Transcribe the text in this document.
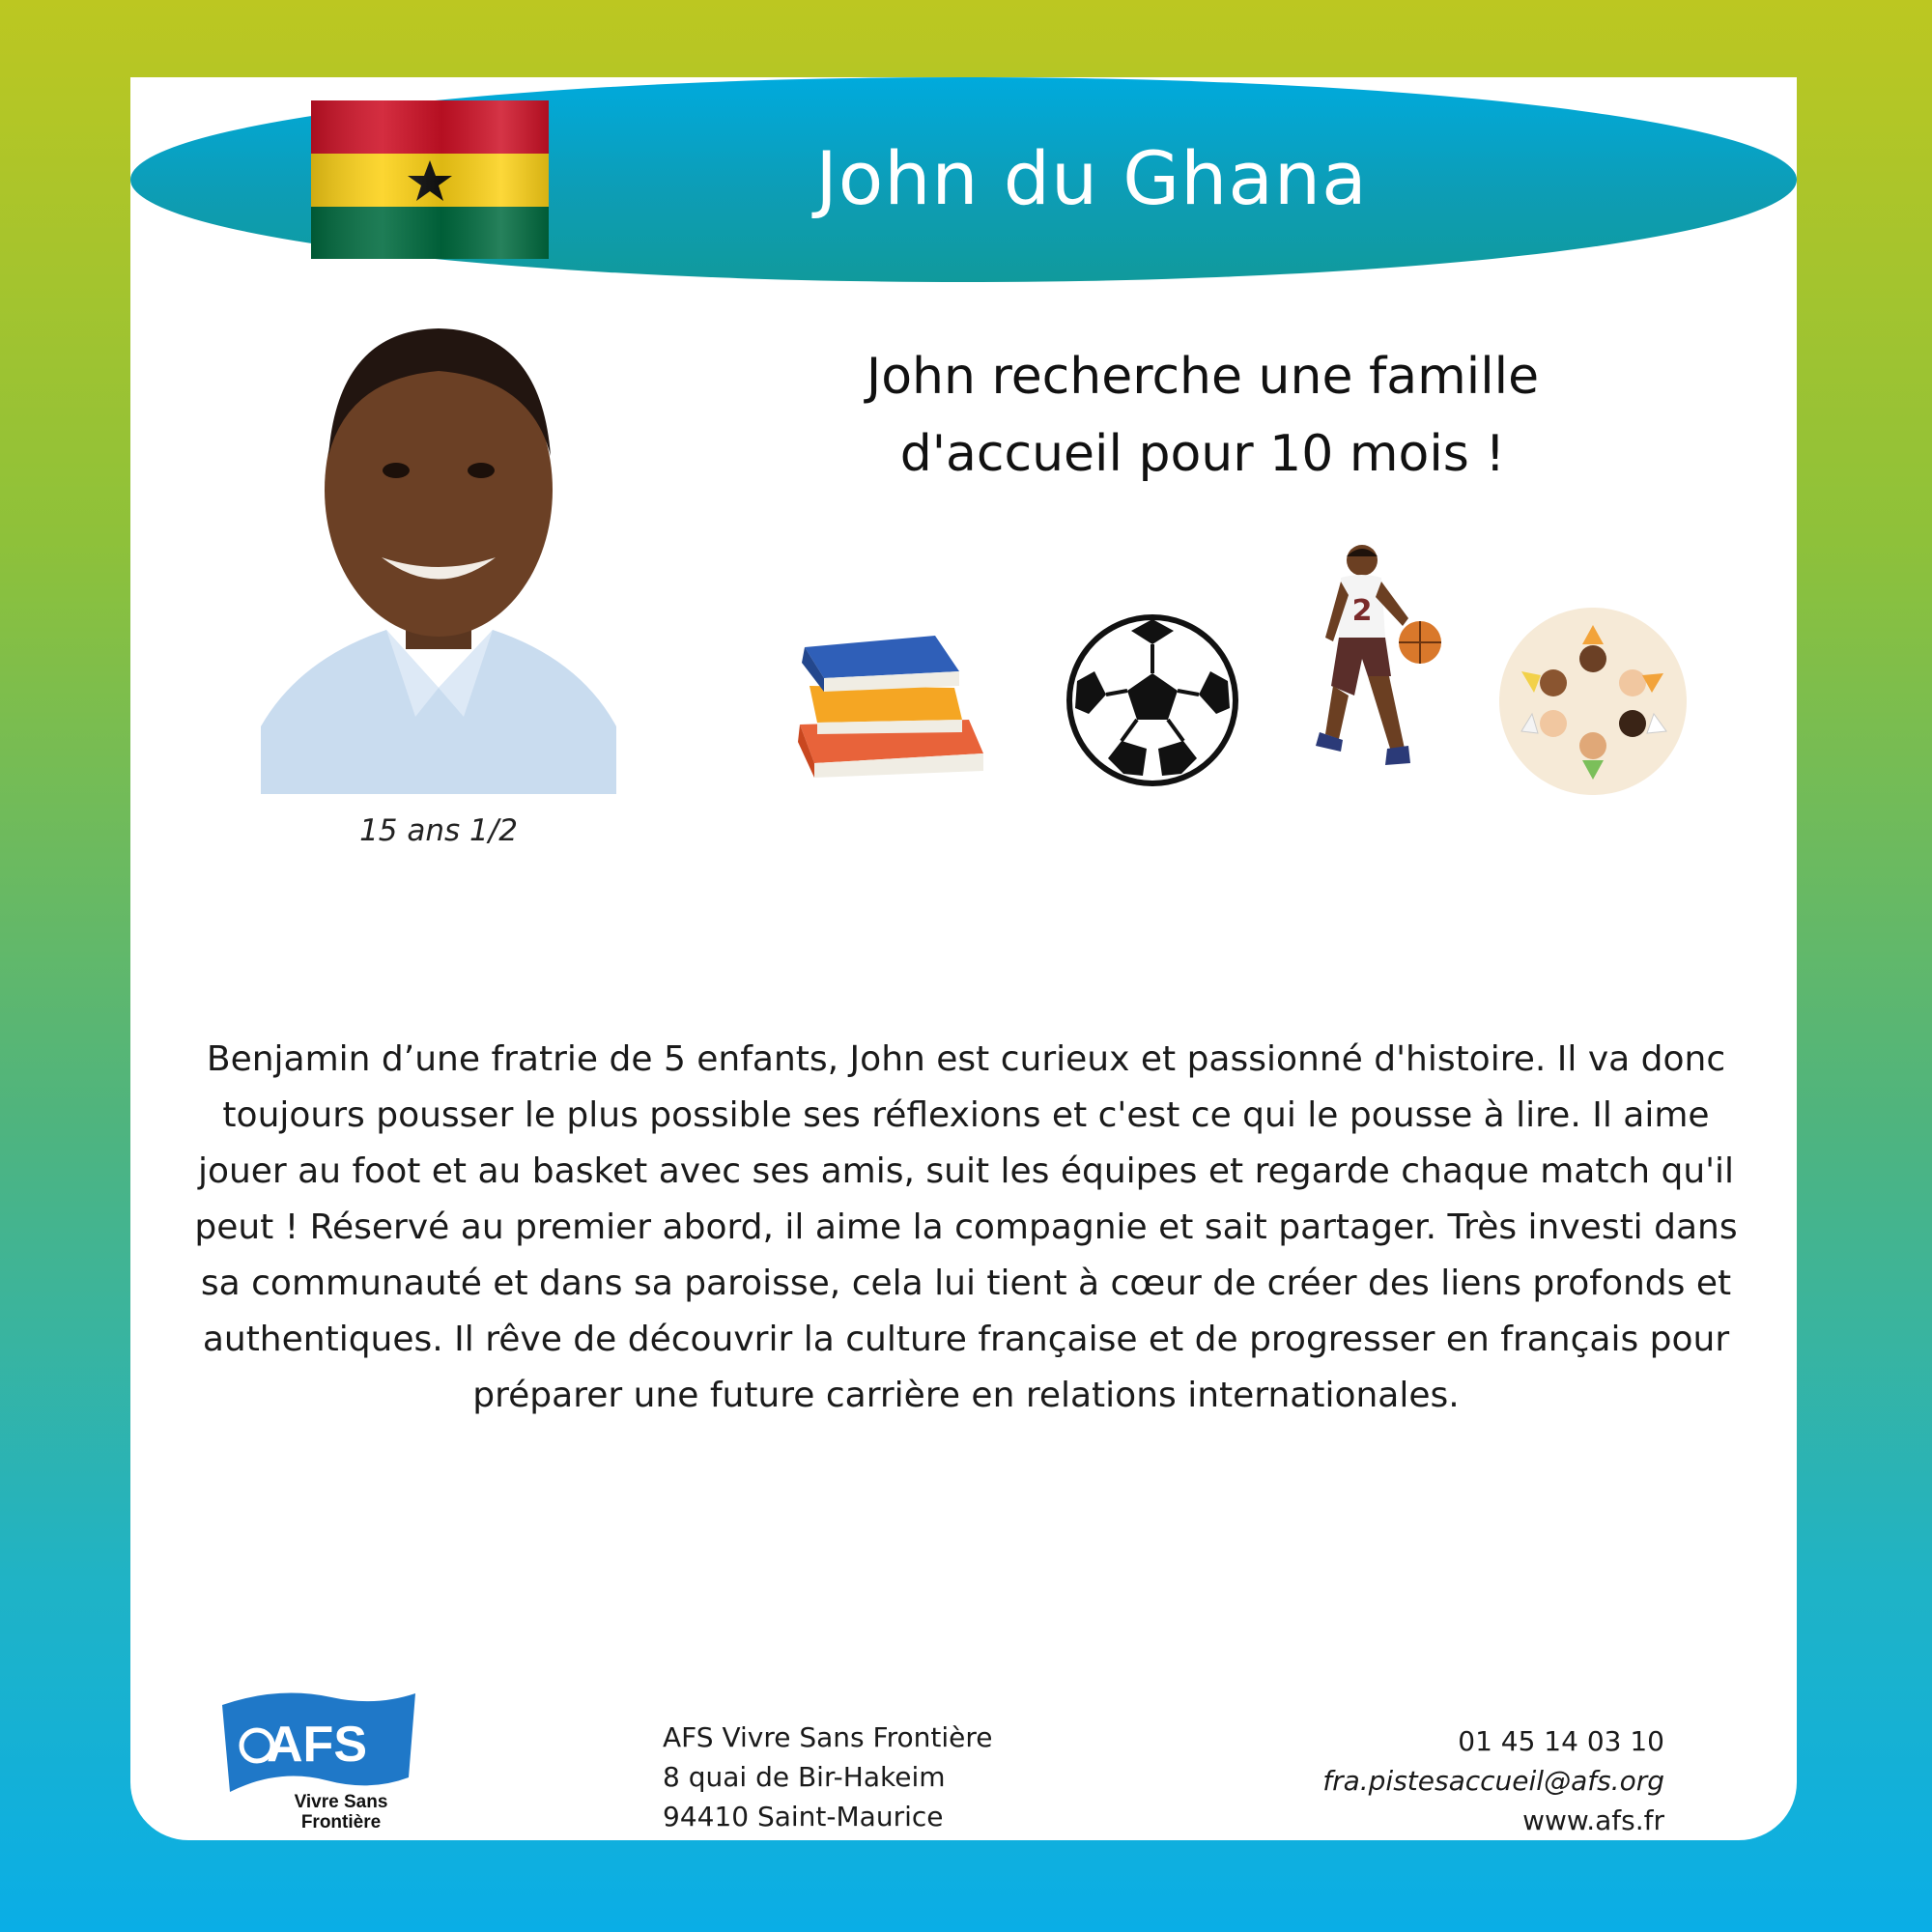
John du Ghana
15 ans 1/2
John recherche une famille
d'accueil pour 10 mois !
2
Benjamin d’une fratrie de 5 enfants, John est curieux et passionné d'histoire. Il va donc toujours pousser le plus possible ses réflexions et c'est ce qui le pousse à lire. Il aime jouer au foot et au basket avec ses amis, suit les équipes et regarde chaque match qu'il peut ! Réservé au premier abord, il aime la compagnie et sait partager. Très investi dans sa communauté et dans sa paroisse, cela lui tient à cœur de créer des liens profonds et authentiques. Il rêve de découvrir la culture française et de progresser en français pour préparer une future carrière en relations internationales.
AFS
Vivre Sans
Frontière
AFS Vivre Sans Frontière
8 quai de Bir-Hakeim
94410 Saint-Maurice
01 45 14 03 10
fra.pistesaccueil@afs.org
www.afs.fr
